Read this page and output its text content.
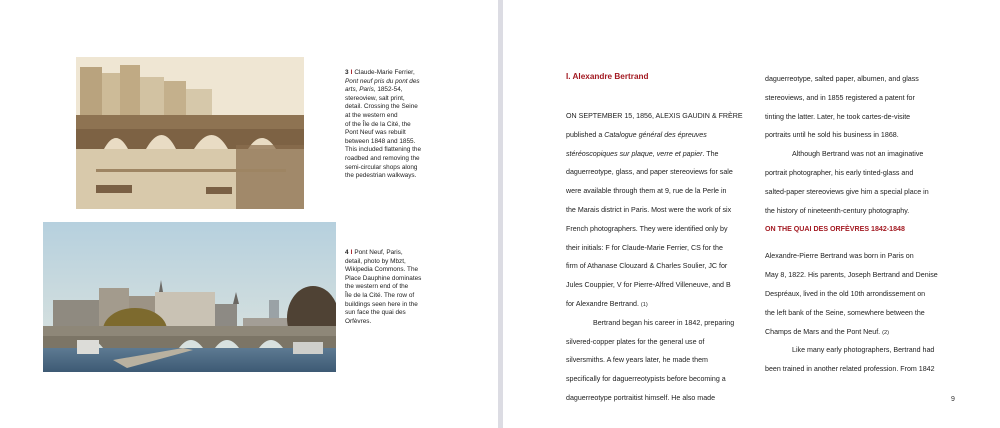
3 I Claude-Marie Ferrier,
Pont neuf pris du pont des
arts, Paris, 1852-54,
stereoview, salt print,
detail. Crossing the Seine
at the western end
of the Île de la Cité, the
Pont Neuf was rebuilt
between 1848 and 1855.
This included flattening the
roadbed and removing the
semi-circular shops along
the pedestrian walkways.
4 I Pont Neuf, Paris,
detail, photo by Mbzt,
Wikipedia Commons. The
Place Dauphine dominates
the western end of the
Île de la Cité. The row of
buildings seen here in the
sun face the quai des
Orfèvres.
I. Alexandre Bertrand
ON SEPTEMBER 15, 1856, ALEXIS GAUDIN & FRÈRE
published a Catalogue général des épreuves
stéréoscopiques sur plaque, verre et papier. The
daguerreotype, glass, and paper stereoviews for sale
were available through them at 9, rue de la Perle in
the Marais district in Paris. Most were the work of six
French photographers. They were identified only by
their initials: F for Claude-Marie Ferrier, CS for the
firm of Athanase Clouzard & Charles Soulier, JC for
Jules Couppier, V for Pierre-Alfred Villeneuve, and B
for Alexandre Bertrand. (1)
Bertrand began his career in 1842, preparing
silvered-copper plates for the general use of
silversmiths. A few years later, he made them
specifically for daguerreotypists before becoming a
daguerreotype portraitist himself. He also made
daguerreotype, salted paper, albumen, and glass
stereoviews, and in 1855 registered a patent for
tinting the latter. Later, he took cartes-de-visite
portraits until he sold his business in 1868.
Although Bertrand was not an imaginative
portrait photographer, his early tinted-glass and
salted-paper stereoviews give him a special place in
the history of nineteenth-century photography.
ON THE QUAI DES ORFÈVRES 1842-1848
Alexandre-Pierre Bertrand was born in Paris on
May 8, 1822. His parents, Joseph Bertrand and Denise
Despréaux, lived in the old 10th arrondissement on
the left bank of the Seine, somewhere between the
Champs de Mars and the Pont Neuf. (2)
Like many early photographers, Bertrand had
been trained in another related profession. From 1842
9
